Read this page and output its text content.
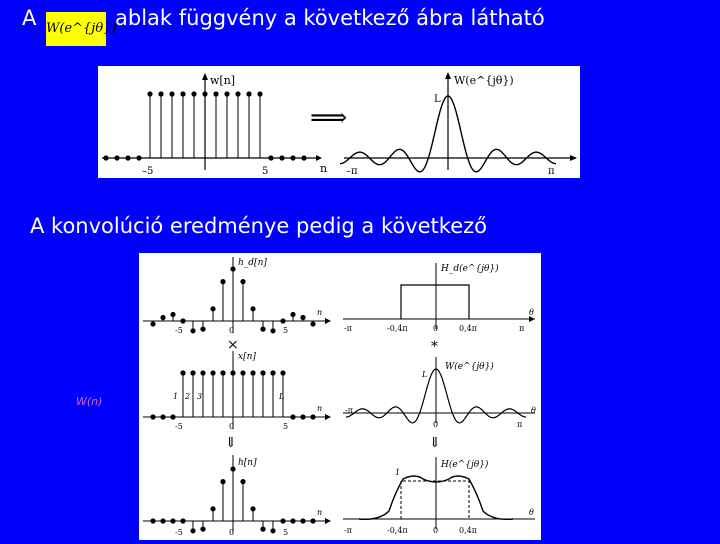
A W(e^{jθ})
ablak függvény a következő ábra látható
w[n]
n
–5	5
⟹
W(e^{jθ})
L
–π	π
A konvolúció eredménye pedig a következő
W(n)
h_d[n]
-5	0	5
n
H_d(e^{jθ})
-π	-0,4π	0	0,4π	π
θ
×	*
x[n]
1 2 3	L
-5	0	5
n
W(e^{jθ})
L
-π
0	π
θ
⇓	⇓
h[n]
-5	0	5
n
H(e^{jθ})
1
-π	-0,4π	0	0,4π
θ
